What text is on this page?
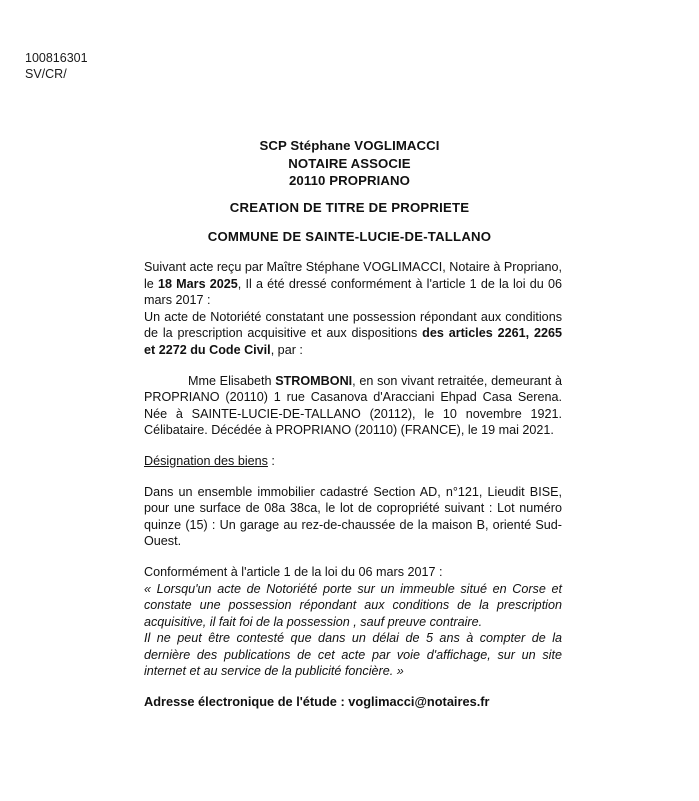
100816301
SV/CR/
SCP Stéphane VOGLIMACCI
NOTAIRE ASSOCIE
20110 PROPRIANO
CREATION DE TITRE DE PROPRIETE
COMMUNE DE SAINTE-LUCIE-DE-TALLANO

Suivant acte reçu par Maître Stéphane VOGLIMACCI, Notaire à Propriano, le 18 Mars 2025, Il a été dressé conformément à l'article 1 de la loi du 06 mars 2017 :
Un acte de Notoriété constatant une possession répondant aux conditions de la prescription acquisitive et aux dispositions des articles 2261, 2265 et 2272 du Code Civil, par :

Mme Elisabeth STROMBONI, en son vivant retraitée, demeurant à PROPRIANO (20110) 1 rue Casanova d'Aracciani Ehpad Casa Serena. Née à SAINTE-LUCIE-DE-TALLANO (20112), le 10 novembre 1921. Célibataire. Décédée à PROPRIANO (20110) (FRANCE), le 19 mai 2021.

Désignation des biens :

Dans un ensemble immobilier cadastré Section AD, n°121, Lieudit BISE, pour une surface de 08a 38ca, le lot de copropriété suivant : Lot numéro quinze (15) : Un garage au rez-de-chaussée de la maison B, orienté Sud-Ouest.

Conformément à l'article 1 de la loi du 06 mars 2017 :

« Lorsqu'un acte de Notoriété porte sur un immeuble situé en Corse et constate une possession répondant aux conditions de la prescription acquisitive, il fait foi de la possession , sauf preuve contraire.
Il ne peut être contesté que dans un délai de 5 ans à compter de la dernière des publications de cet acte par voie d'affichage, sur un site internet et au service de la publicité foncière. »

Adresse électronique de l'étude : voglimacci@notaires.fr
